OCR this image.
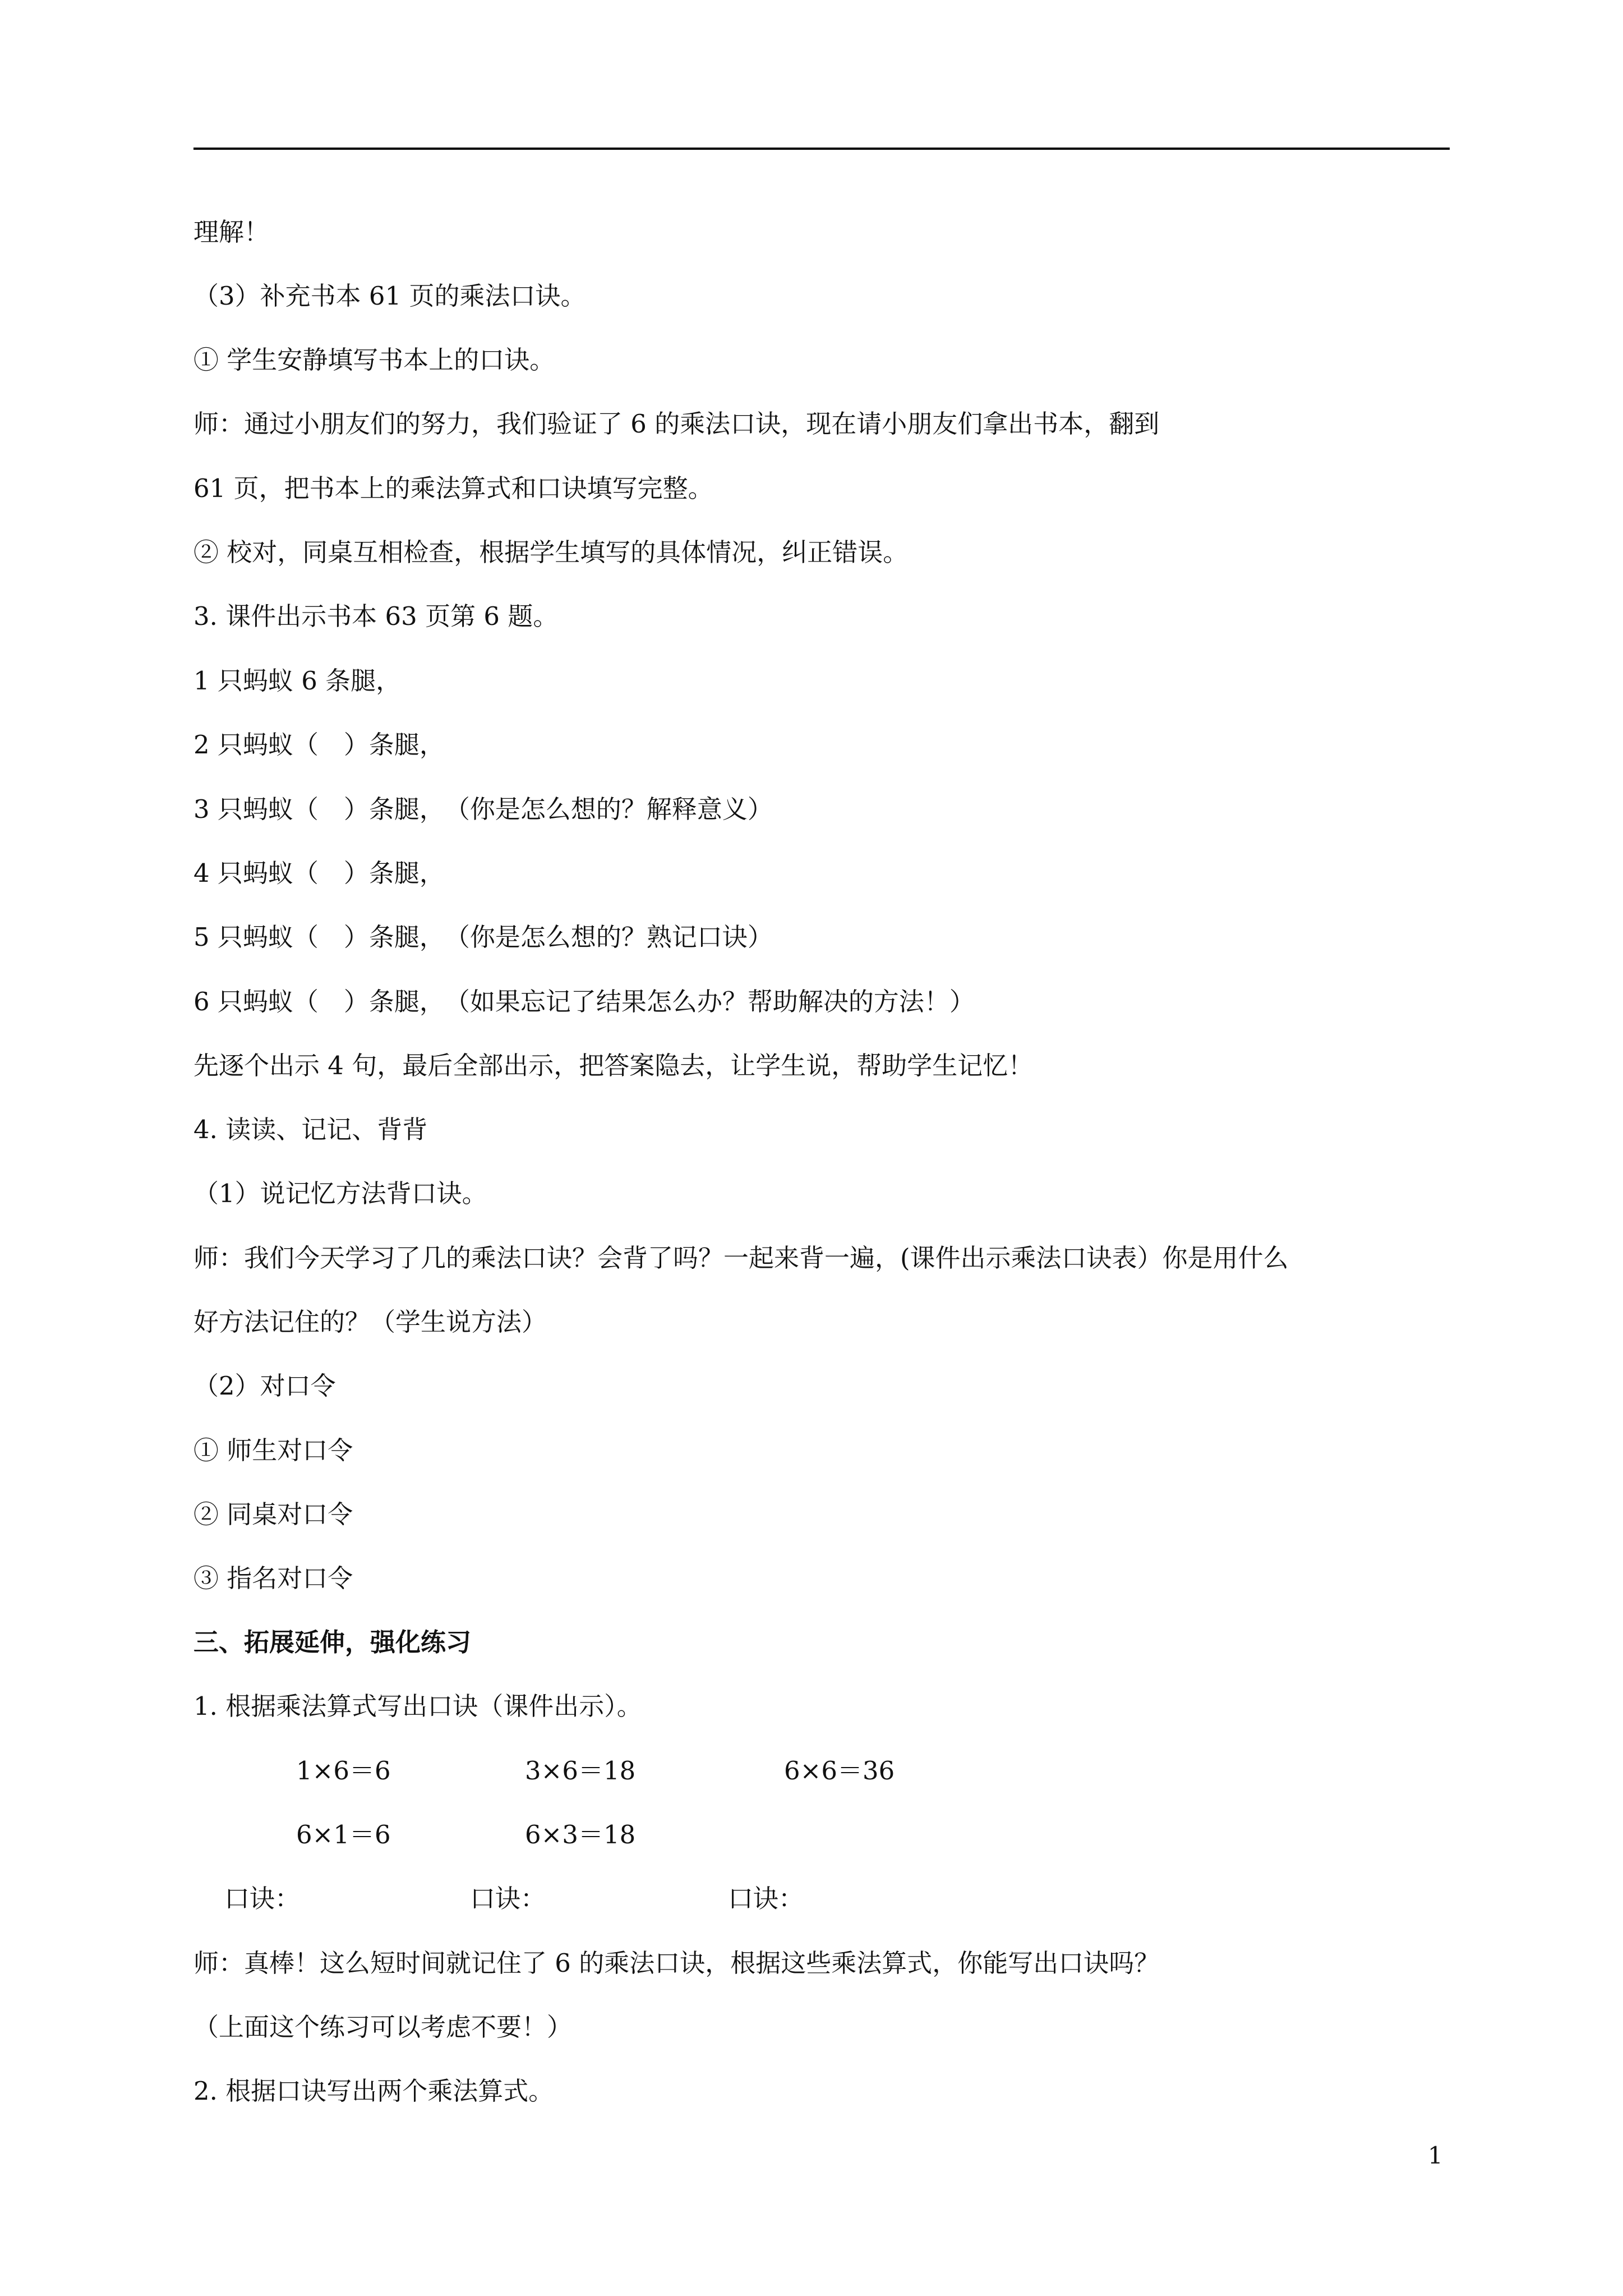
理解！
（3）补充书本 61 页的乘法口诀。
① 学生安静填写书本上的口诀。
师：通过小朋友们的努力，我们验证了 6 的乘法口诀，现在请小朋友们拿出书本，翻到
61 页，把书本上的乘法算式和口诀填写完整。
② 校对，同桌互相检查，根据学生填写的具体情况，纠正错误。
3. 课件出示书本 63 页第 6 题。
1 只蚂蚁 6 条腿，
2 只蚂蚁（　）条腿，
3 只蚂蚁（　）条腿，　（你是怎么想的？解释意义）
4 只蚂蚁（　）条腿，
5 只蚂蚁（　）条腿，　（你是怎么想的？熟记口诀）
6 只蚂蚁（　）条腿，　（如果忘记了结果怎么办？帮助解决的方法！）
先逐个出示 4 句，最后全部出示，把答案隐去，让学生说，帮助学生记忆！
4. 读读、记记、背背
（1）说记忆方法背口诀。
师：我们今天学习了几的乘法口诀？会背了吗？一起来背一遍，(课件出示乘法口诀表）你是用什么
好方法记住的？（学生说方法）
（2）对口令
① 师生对口令
② 同桌对口令
③ 指名对口令
三、拓展延伸，强化练习
1. 根据乘法算式写出口诀（课件出示）。
1×6＝6	3×6＝18	6×6＝36
6×1＝6	6×3＝18
口诀：	口诀：	口诀：
师：真棒！这么短时间就记住了 6 的乘法口诀，根据这些乘法算式，你能写出口诀吗？
（上面这个练习可以考虑不要！）
2. 根据口诀写出两个乘法算式。
1
